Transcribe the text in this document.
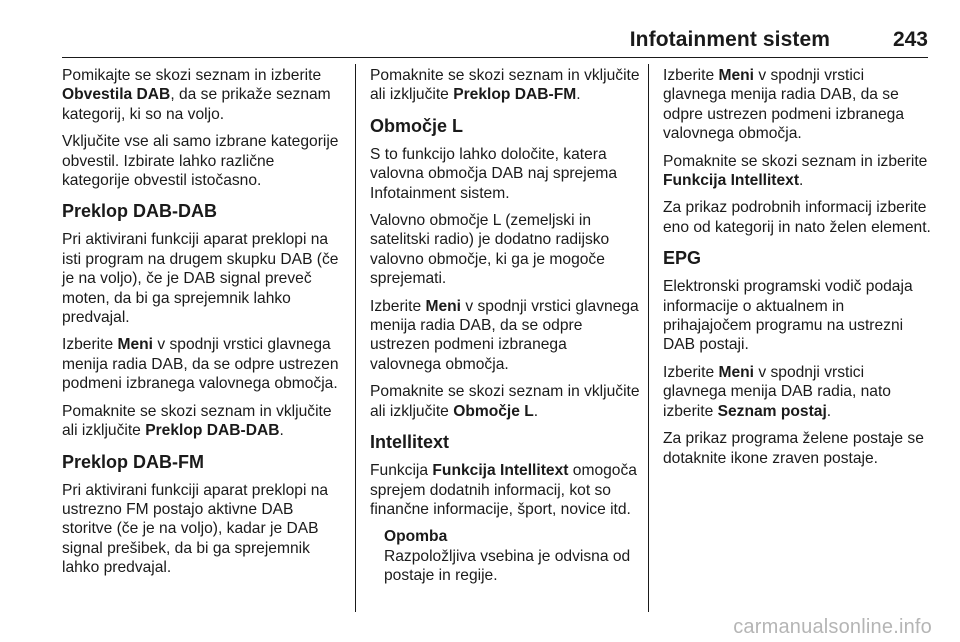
Infotainment sistem	243

Pomikajte se skozi seznam in izberite Obvestila DAB, da se prikaže seznam kategorij, ki so na voljo.

Vključite vse ali samo izbrane kategorije obvestil. Izbirate lahko različne kategorije obvestil istočasno.

Preklop DAB-DAB

Pri aktivirani funkciji aparat preklopi na isti program na drugem skupku DAB (če je na voljo), če je DAB signal preveč moten, da bi ga sprejemnik lahko predvajal.

Izberite Meni v spodnji vrstici glavnega menija radia DAB, da se odpre ustrezen podmeni izbranega valovnega območja.

Pomaknite se skozi seznam in vključite ali izključite Preklop DAB-DAB.

Preklop DAB-FM

Pri aktivirani funkciji aparat preklopi na ustrezno FM postajo aktivne DAB storitve (če je na voljo), kadar je DAB signal prešibek, da bi ga sprejemnik lahko predvajal.

Pomaknite se skozi seznam in vključite ali izključite Preklop DAB-FM.

Območje L

S to funkcijo lahko določite, katera valovna območja DAB naj sprejema Infotainment sistem.

Valovno območje L (zemeljski in satelitski radio) je dodatno radijsko valovno območje, ki ga je mogoče sprejemati.

Izberite Meni v spodnji vrstici glavnega menija radia DAB, da se odpre ustrezen podmeni izbranega valovnega območja.

Pomaknite se skozi seznam in vključite ali izključite Območje L.

Intellitext

Funkcija Funkcija Intellitext omogoča sprejem dodatnih informacij, kot so finančne informacije, šport, novice itd.

Opomba
Razpoložljiva vsebina je odvisna od postaje in regije.

Izberite Meni v spodnji vrstici glavnega menija radia DAB, da se odpre ustrezen podmeni izbranega valovnega območja.

Pomaknite se skozi seznam in izberite Funkcija Intellitext.

Za prikaz podrobnih informacij izberite eno od kategorij in nato želen element.

EPG

Elektronski programski vodič podaja informacije o aktualnem in prihajajočem programu na ustrezni DAB postaji.

Izberite Meni v spodnji vrstici glavnega menija DAB radia, nato izberite Seznam postaj.

Za prikaz programa želene postaje se dotaknite ikone zraven postaje.

carmanualsonline.info
